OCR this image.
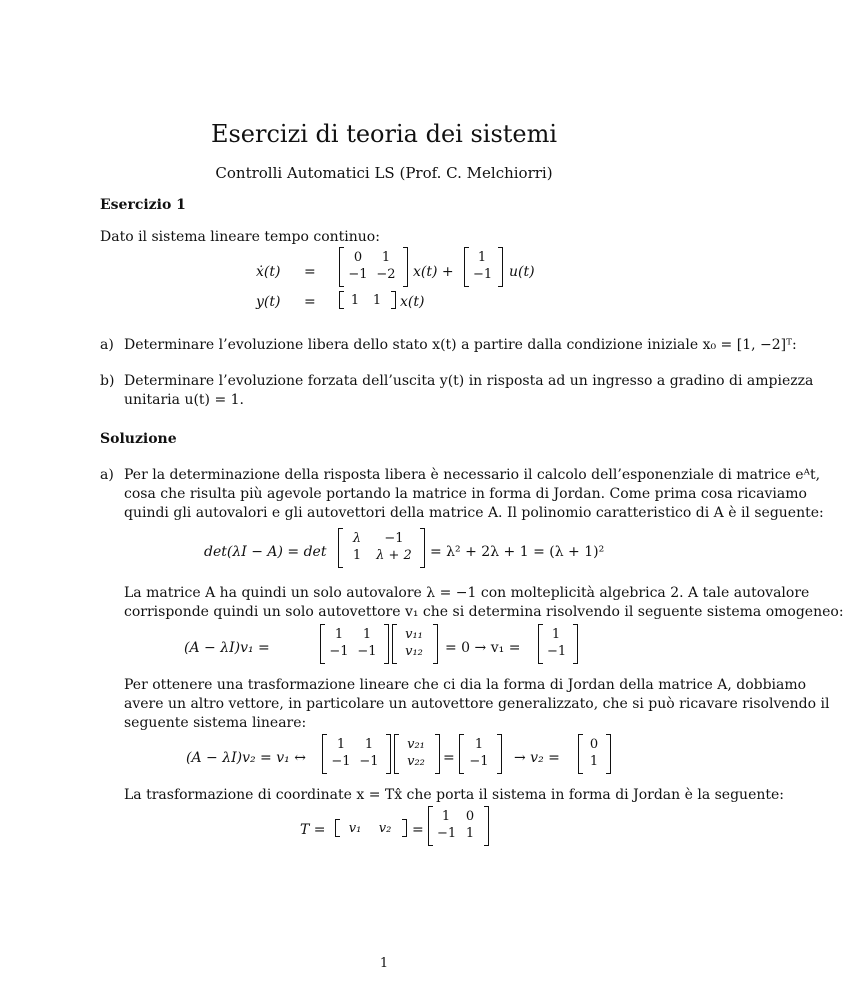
Esercizi di teoria dei sistemi
Controlli Automatici LS (Prof. C. Melchiorri)
Esercizio 1
Dato il sistema lineare tempo continuo:
ẋ(t) =
0	1
−1 −2	x(t) +
1
−1 u(t)
y(t) =	1	1	x(t)
a) Determinare l’evoluzione libera dello stato x(t) a partire dalla condizione iniziale x₀ = [1, −2]ᵀ:
b) Determinare l’evoluzione forzata dell’uscita y(t) in risposta ad un ingresso a gradino di ampiezza
unitaria u(t) = 1.
Soluzione
a) Per la determinazione della risposta libera è necessario il calcolo dell’esponenziale di matrice eᴬt,
cosa che risulta più agevole portando la matrice in forma di Jordan. Come prima cosa ricaviamo
quindi gli autovalori e gli autovettori della matrice A. Il polinomio caratteristico di A è il seguente:
det(λI − A) = det
λ	−1
1	λ + 2	= λ² + 2λ + 1 = (λ + 1)²
La matrice A ha quindi un solo autovalore λ = −1 con molteplicità algebrica 2. A tale autovalore
corrisponde quindi un solo autovettore v₁ che si determina risolvendo il seguente sistema omogeneo:
(A − λI)v₁ =
1	1
−1 −1
v₁₁
v₁₂	= 0 → v₁ =
1
−1
Per ottenere una trasformazione lineare che ci dia la forma di Jordan della matrice A, dobbiamo
avere un altro vettore, in particolare un autovettore generalizzato, che si può ricavare risolvendo il
seguente sistema lineare:
(A − λI)v₂ = v₁ ↔
1	1
−1 −1
v₂₁
v₂₂	=
1
−1	→ v₂ =
0
1
La trasformazione di coordinate x = Tx̂ che porta il sistema in forma di Jordan è la seguente:
T =	v₁	v₂	=
1	0
−1 1
1
